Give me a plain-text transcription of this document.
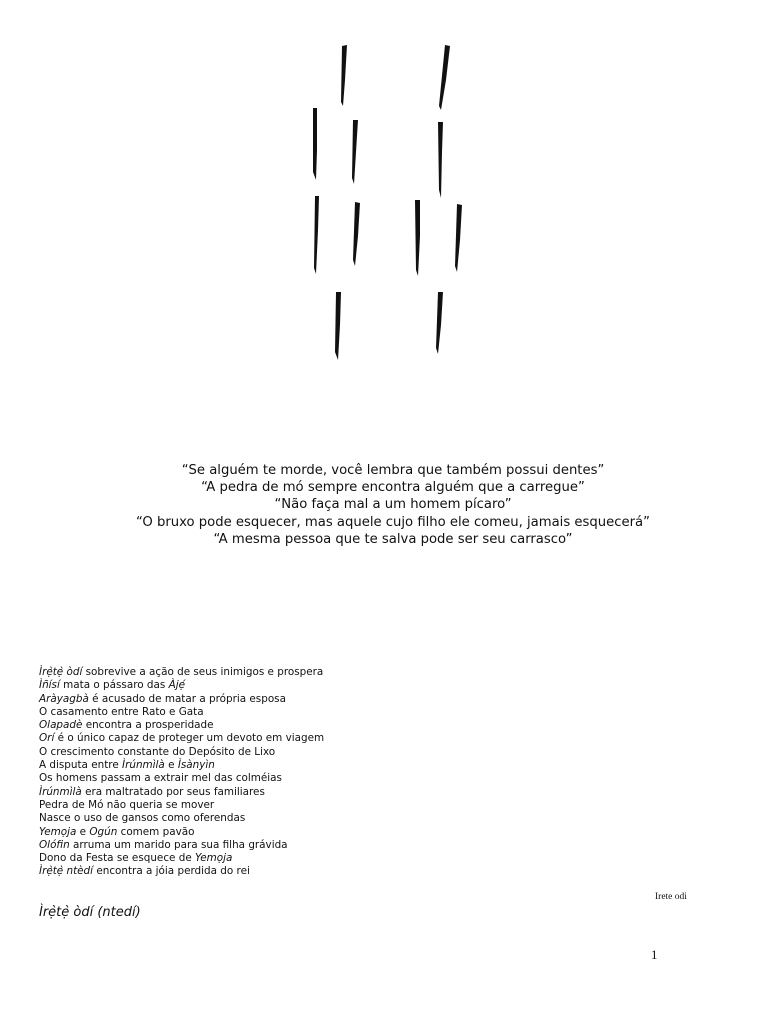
“Se alguém te morde, você lembra que também possui dentes”
“A pedra de mó sempre encontra alguém que a carregue”
“Não faça mal a um homem pícaro”
“O bruxo pode esquecer, mas aquele cujo filho ele comeu, jamais esquecerá”
“A mesma pessoa que te salva pode ser seu carrasco”
Ìrẹ̀tẹ̀ òdí sobrevive a ação de seus inimigos e prospera
Ìñísí mata o pássaro das Àjẹ́
Aràyagbà é acusado de matar a própria esposa
O casamento entre Rato e Gata
Olapadè encontra a prosperidade
Orí é o único capaz de proteger um devoto em viagem
O crescimento constante do Depósito de Lixo
A disputa entre Ìrúnmìlà e Ìsànyìn
Os homens passam a extrair mel das colméias
Ìrúnmìlà era maltratado por seus familiares
Pedra de Mó não queria se mover
Nasce o uso de gansos como oferendas
Yemọja e Ogún comem pavão
Olófin arruma um marido para sua filha grávida
Dono da Festa se esquece de Yemọja
Ìrẹ̀tẹ̀ ntèdí encontra a jóia perdida do rei
Irete odi
Ìrẹ̀tẹ̀ òdí (ntedí)
1
